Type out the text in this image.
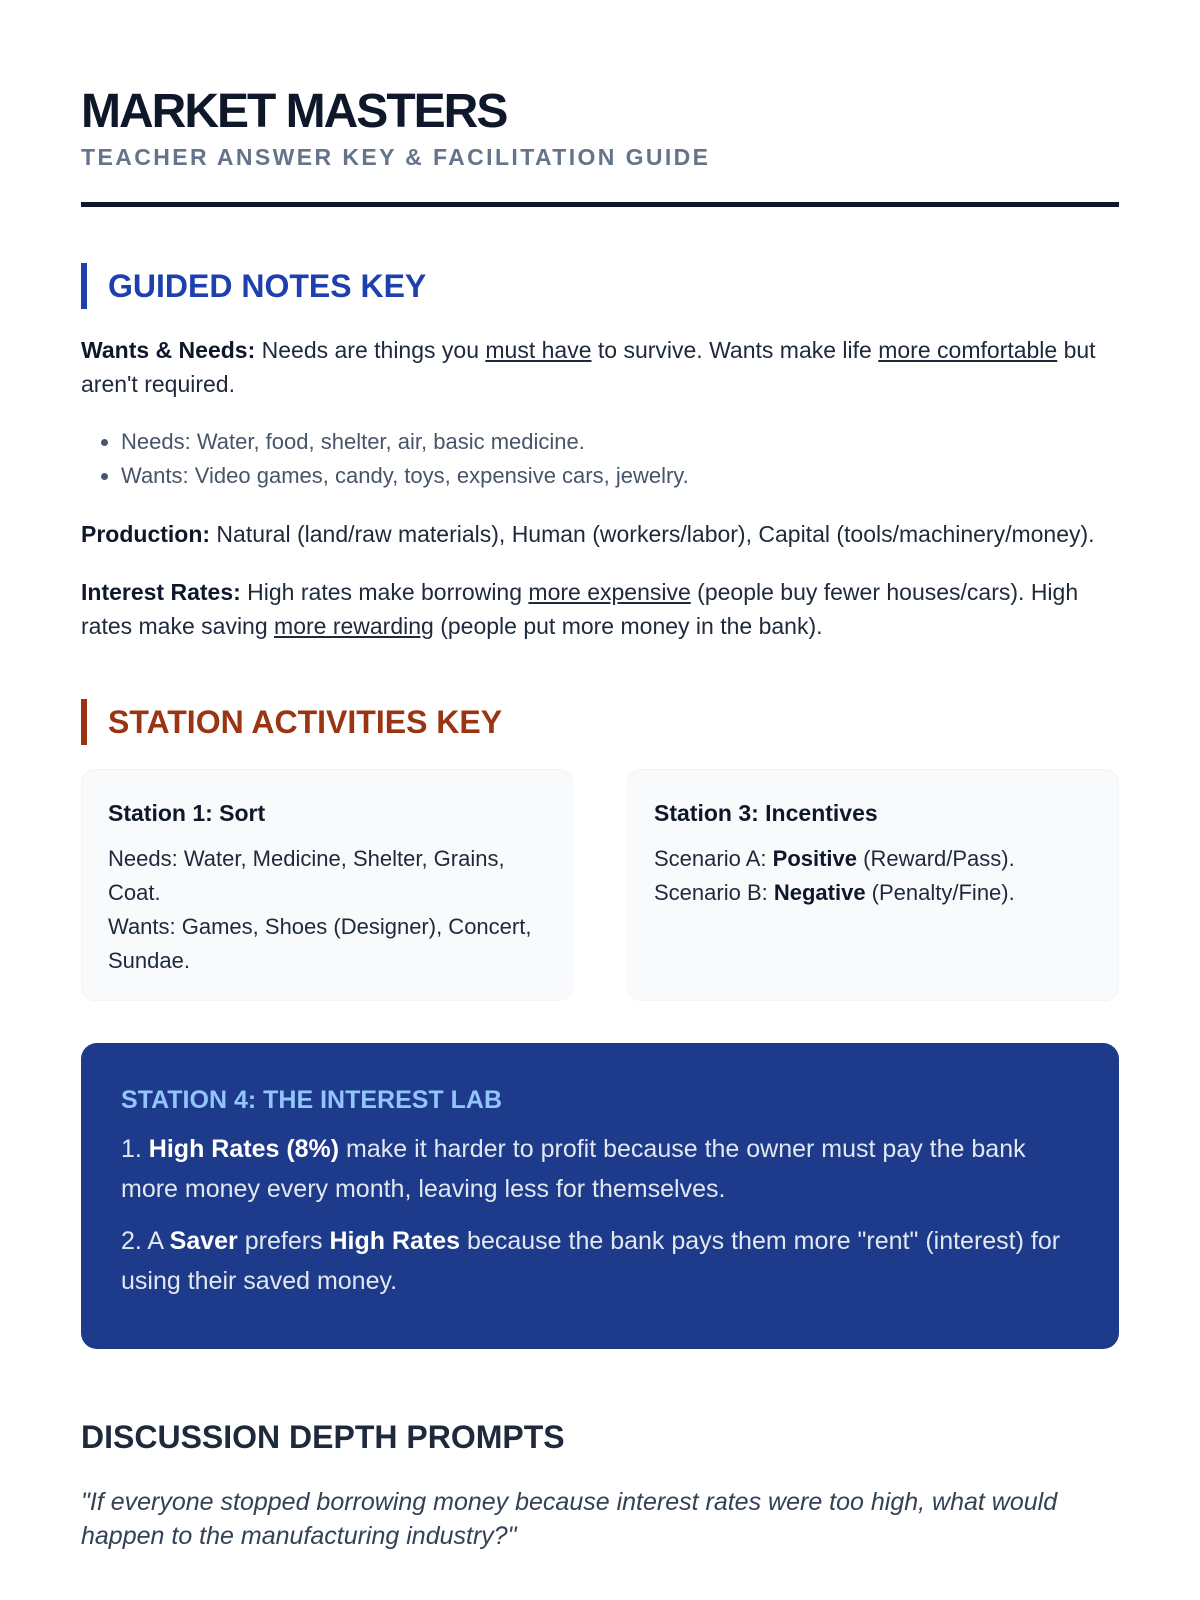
MARKET MASTERS

TEACHER ANSWER KEY & FACILITATION GUIDE

GUIDED NOTES KEY

Wants & Needs: Needs are things you must have to survive. Wants make life more comfortable but aren't required.

• Needs: Water, food, shelter, air, basic medicine.
• Wants: Video games, candy, toys, expensive cars, jewelry.

Production: Natural (land/raw materials), Human (workers/labor), Capital (tools/machinery/money).

Interest Rates: High rates make borrowing more expensive (people buy fewer houses/cars). High rates make saving more rewarding (people put more money in the bank).

STATION ACTIVITIES KEY
Station 1: Sort
Needs: Water, Medicine, Shelter, Grains, Coat.
Wants: Games, Shoes (Designer), Concert, Sundae.
Station 3: Incentives
Scenario A: Positive (Reward/Pass).
Scenario B: Negative (Penalty/Fine).
STATION 4: THE INTEREST LAB

1. High Rates (8%) make it harder to profit because the owner must pay the bank more money every month, leaving less for themselves.

2. A Saver prefers High Rates because the bank pays them more "rent" (interest) for using their saved money.

DISCUSSION DEPTH PROMPTS

"If everyone stopped borrowing money because interest rates were too high, what would happen to the manufacturing industry?"
